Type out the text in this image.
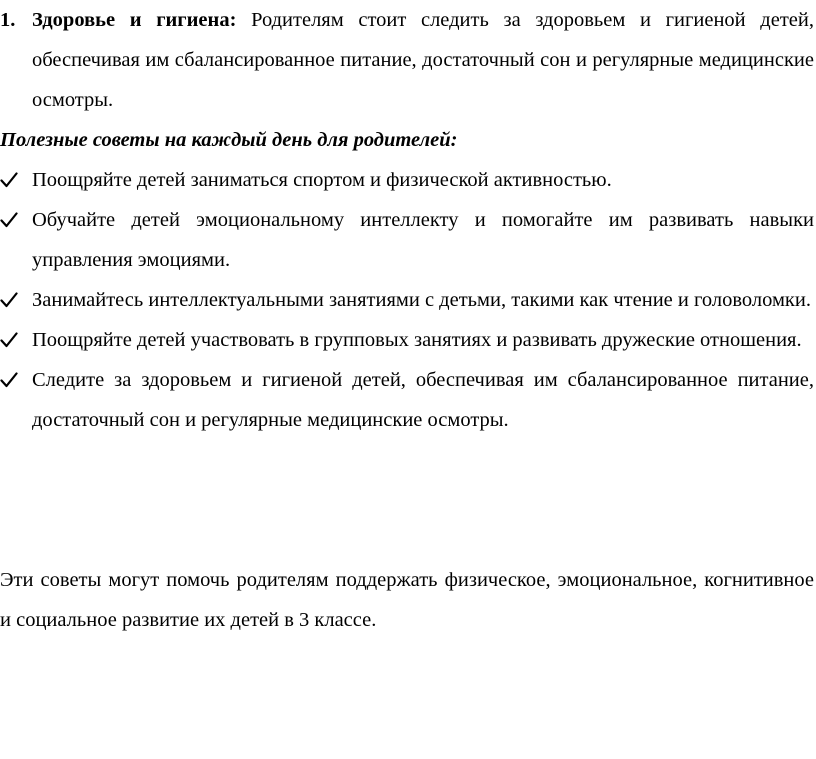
1. Здоровье и гигиена: Родителям стоит следить за здоровьем и гигиеной детей, обеспечивая им сбалансированное питание, достаточный сон и регулярные медицинские осмотры.
Полезные советы на каждый день для родителей:
Поощряйте детей заниматься спортом и физической активностью.
Обучайте детей эмоциональному интеллекту и помогайте им развивать навыки управления эмоциями.
Занимайтесь интеллектуальными занятиями с детьми, такими как чтение и головоломки.
Поощряйте детей участвовать в групповых занятиях и развивать дружеские отношения.
Следите за здоровьем и гигиеной детей, обеспечивая им сбалансированное питание, достаточный сон и регулярные медицинские осмотры.
Эти советы могут помочь родителям поддержать физическое, эмоциональное, когнитивное и социальное развитие их детей в 3 классе.
